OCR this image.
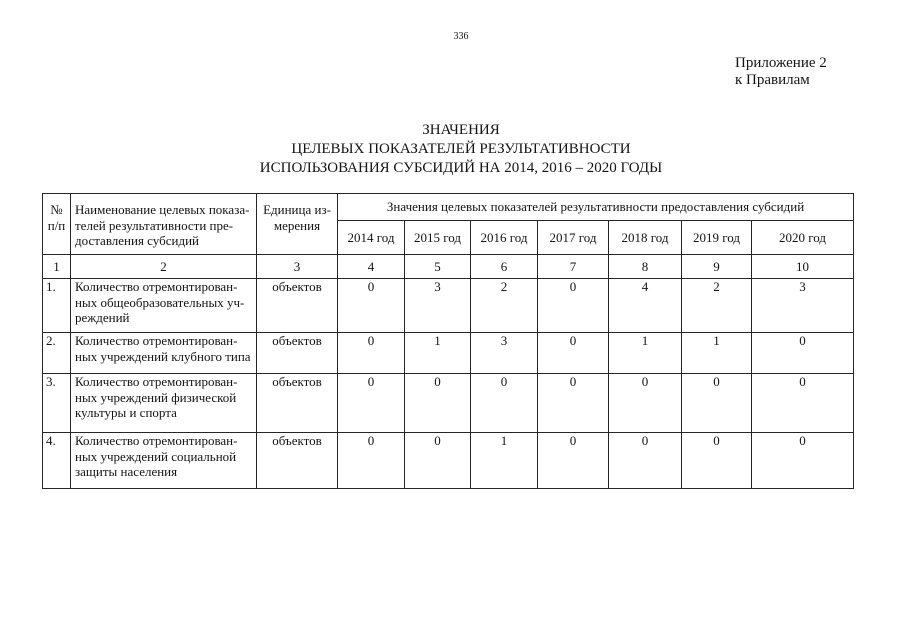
336
Приложение 2
к Правилам
ЗНАЧЕНИЯ
ЦЕЛЕВЫХ ПОКАЗАТЕЛЕЙ РЕЗУЛЬТАТИВНОСТИ
ИСПОЛЬЗОВАНИЯ СУБСИДИЙ НА 2014, 2016 – 2020 ГОДЫ
№
п/п	Наименование целевых показа-
телей результативности пре-
доставления субсидий	Единица из-
мерения	Значения целевых показателей результативности предоставления субсидий						
			2014 год	2015 год	2016 год	2017 год	2018 год	2019 год	2020 год
1	2	3	4	5	6	7	8	9	10
1.	Количество отремонтирован-
ных общеобразовательных уч-
реждений	объектов	0	3	2	0	4	2	3
2.	Количество отремонтирован-
ных учреждений клубного типа	объектов	0	1	3	0	1	1	0
3.	Количество отремонтирован-
ных учреждений физической
культуры и спорта	объектов	0	0	0	0	0	0	0
4.	Количество отремонтирован-
ных учреждений социальной
защиты населения	объектов	0	0	1	0	0	0	0
